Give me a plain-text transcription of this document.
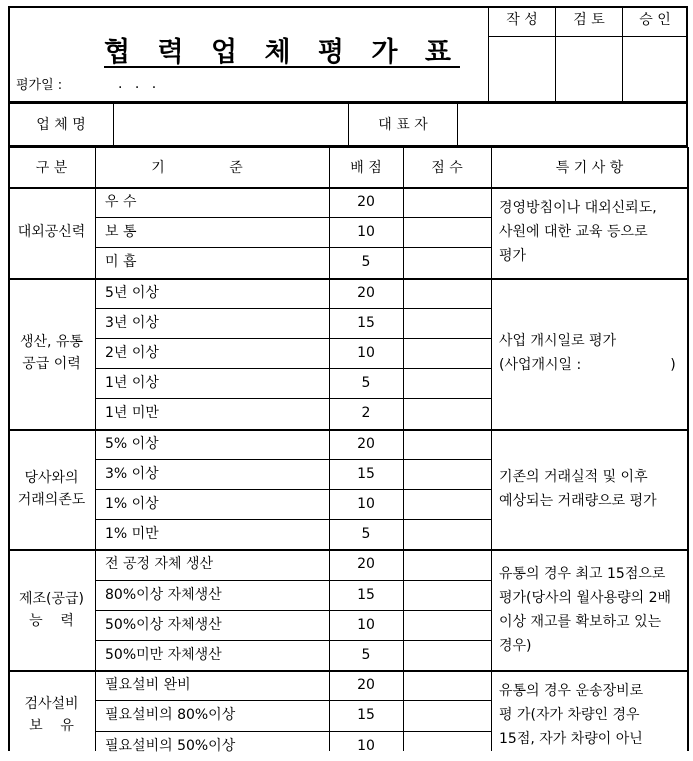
협 력 업 체 평 가 표
평가일 :	. . .
작 성	검 토	승 인
업 체 명	대 표 자
구 분	기 준	배 점	점 수	특 기 사 항
대외공신력
우 수	20
보 통	10
미 흡	5
경영방침이나 대외신뢰도,
사원에 대한 교육 등으로
평가
생산, 유통
공급 이력
5년 이상	20
3년 이상	15
2년 이상	10
1년 이상	5
1년 미만	2
사업 개시일로 평가
(사업개시일 :                    )
당사와의
거래의존도
5% 이상	20
3% 이상	15
1% 이상	10
1% 미만	5
기존의 거래실적 및 이후
예상되는 거래량으로 평가
제조(공급)
능    력
전 공정 자체 생산	20
80%이상 자체생산	15
50%이상 자체생산	10
50%미만 자체생산	5
유통의 경우 최고 15점으로
평가(당사의 월사용량의 2배
이상 재고를 확보하고 있는
경우)
검사설비
보    유
필요설비 완비	20
필요설비의 80%이상	15
필요설비의 50%이상	10
유통의 경우 운송장비로
평 가(자가 차량인 경우
15점, 자가 차량이 아닌
